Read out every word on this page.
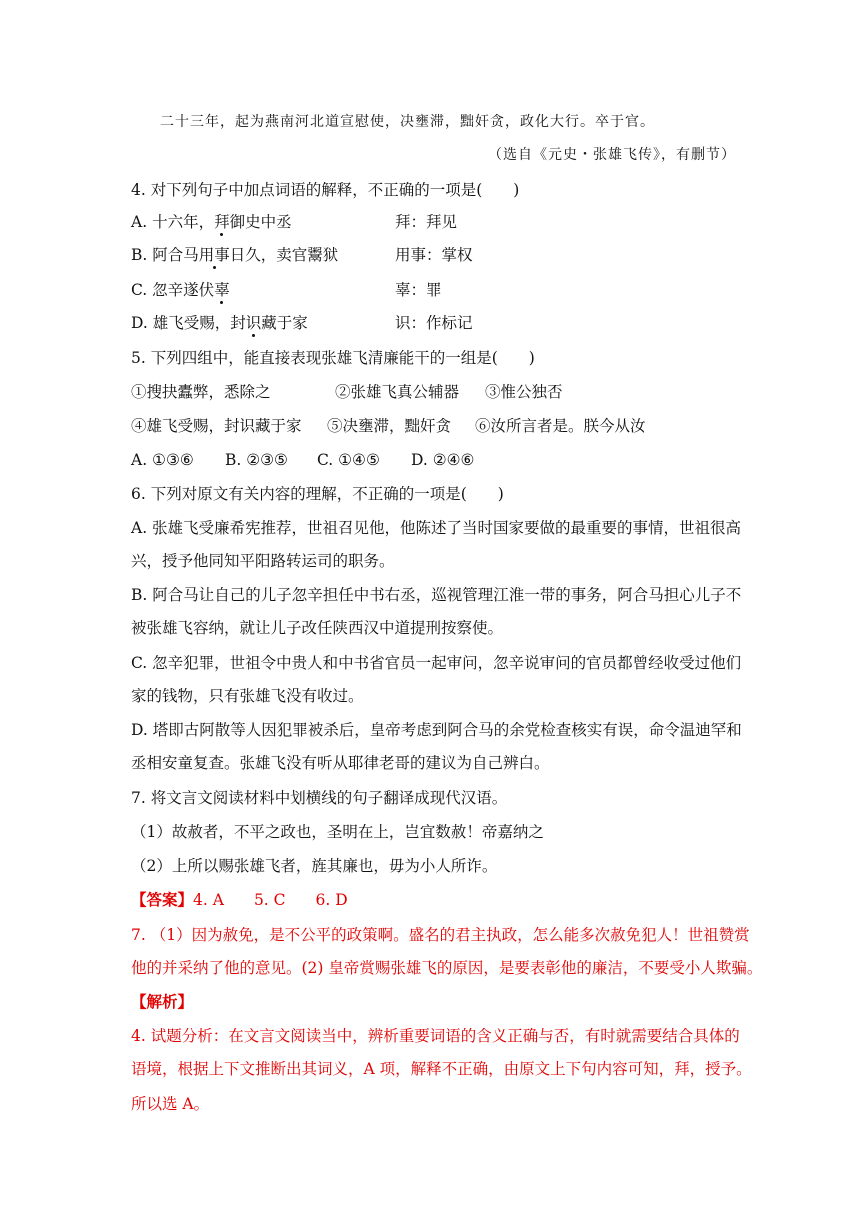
二十三年，起为燕南河北道宣慰使，决壅滞，黜奸贪，政化大行。卒于官。
（选自《元史・张雄飞传》，有删节）
4. 对下列句子中加点词语的解释，不正确的一项是(　　)
A. 十六年，拜御史中丞	拜：拜见
B. 阿合马用事日久，卖官鬻狱	用事：掌权
C. 忽辛遂伏辜	辜：罪
D. 雄飞受赐，封识藏于家	识：作标记
5. 下列四组中，能直接表现张雄飞清廉能干的一组是(　　)
①搜抉蠹弊，悉除之	②张雄飞真公辅器 ③惟公独否
④雄飞受赐，封识藏于家 ⑤决壅滞，黜奸贪 ⑥汝所言者是。朕今从汝
A. ①③⑥ B. ②③⑤ C. ①④⑤ D. ②④⑥
6. 下列对原文有关内容的理解，不正确的一项是(　　)
A. 张雄飞受廉希宪推荐，世祖召见他，他陈述了当时国家要做的最重要的事情，世祖很高
兴，授予他同知平阳路转运司的职务。
B. 阿合马让自己的儿子忽辛担任中书右丞，巡视管理江淮一带的事务，阿合马担心儿子不
被张雄飞容纳，就让儿子改任陕西汉中道提刑按察使。
C. 忽辛犯罪，世祖令中贵人和中书省官员一起审问，忽辛说审问的官员都曾经收受过他们
家的钱物，只有张雄飞没有收过。
D. 塔即古阿散等人因犯罪被杀后，皇帝考虑到阿合马的余党检查核实有误，命令温迪罕和
丞相安童复查。张雄飞没有听从耶律老哥的建议为自己辨白。
7. 将文言文阅读材料中划横线的句子翻译成现代汉语。
（1）故赦者，不平之政也，圣明在上，岂宜数赦！帝嘉纳之
（2）上所以赐张雄飞者，旌其廉也，毋为小人所诈。
【答案】4. A 5. C 6. D
7. （1）因为赦免，是不公平的政策啊。盛名的君主执政，怎么能多次赦免犯人！世祖赞赏
他的并采纳了他的意见。(2) 皇帝赏赐张雄飞的原因，是要表彰他的廉洁，不要受小人欺骗。
【解析】
4. 试题分析：在文言文阅读当中，辨析重要词语的含义正确与否，有时就需要结合具体的
语境，根据上下文推断出其词义，A 项，解释不正确，由原文上下句内容可知，拜，授予。
所以选 A。
